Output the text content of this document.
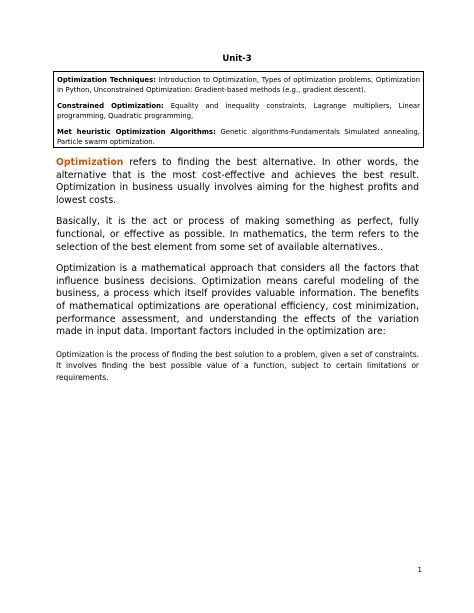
Unit-3

Optimization Techniques: Introduction to Optimization, Types of optimization problems, Optimization in Python, Unconstrained Optimization: Gradient-based methods (e.g., gradient descent).

Constrained Optimization: Equality and inequality constraints, Lagrange multipliers, Linear programming, Quadratic programming,

Met heuristic Optimization Algorithms: Genetic algorithms-Fundamentals Simulated annealing, Particle swarm optimization.

Optimization refers to finding the best alternative. In other words, the alternative that is the most cost-effective and achieves the best result. Optimization in business usually involves aiming for the highest profits and lowest costs.

Basically, it is the act or process of making something as perfect, fully functional, or effective as possible. In mathematics, the term refers to the selection of the best element from some set of available alternatives..

Optimization is a mathematical approach that considers all the factors that influence business decisions. Optimization means careful modeling of the business, a process which itself provides valuable information. The benefits of mathematical optimizations are operational efficiency, cost minimization, performance assessment, and understanding the effects of the variation made in input data. Important factors included in the optimization are:

Optimization is the process of finding the best solution to a problem, given a set of constraints. It involves finding the best possible value of a function, subject to certain limitations or requirements.

1
